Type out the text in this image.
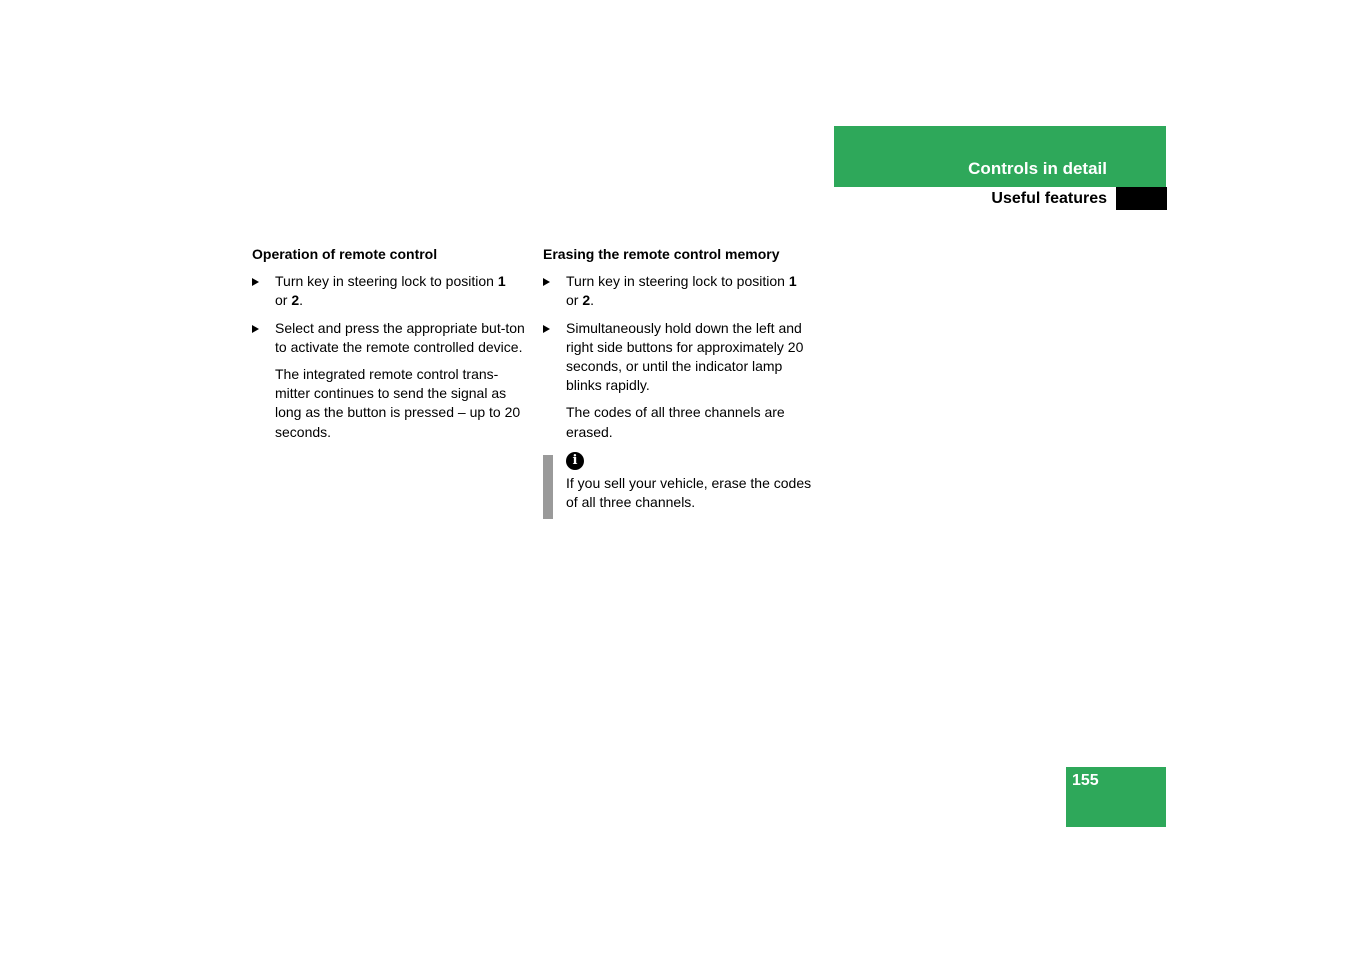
Controls in detail
Useful features
Operation of remote control
Turn key in steering lock to position 1
or 2.
Select and press the appropriate but-ton to activate the remote controlled device.
The integrated remote control trans-mitter continues to send the signal as long as the button is pressed – up to 20 seconds.
Erasing the remote control memory
Turn key in steering lock to position 1
or 2.
Simultaneously hold down the left and right side buttons for approximately 20 seconds, or until the indicator lamp blinks rapidly.
The codes of all three channels are erased.
i

If you sell your vehicle, erase the codes of all three channels.

155
